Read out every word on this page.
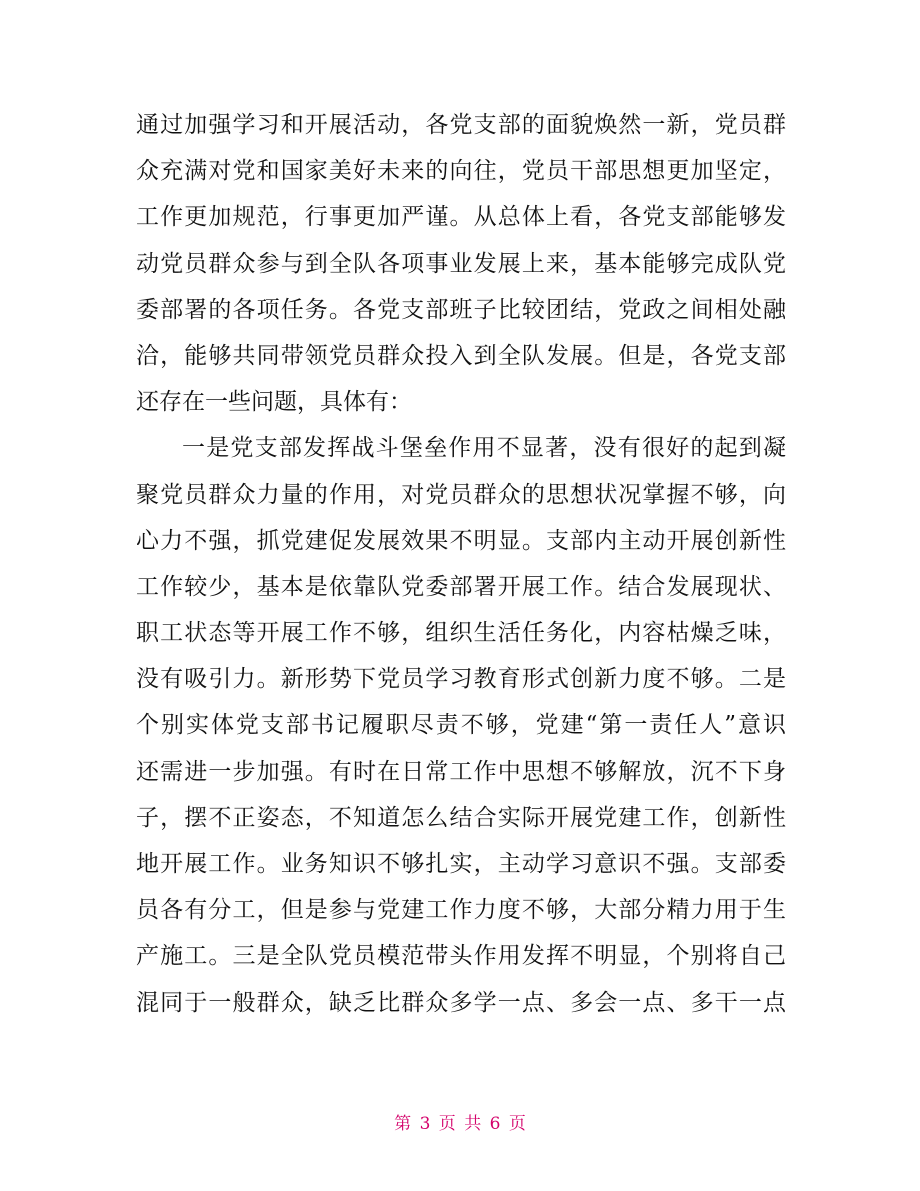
通过加强学习和开展活动，各党支部的面貌焕然一新，党员群
众充满对党和国家美好未来的向往，党员干部思想更加坚定，
工作更加规范，行事更加严谨。从总体上看，各党支部能够发
动党员群众参与到全队各项事业发展上来，基本能够完成队党
委部署的各项任务。各党支部班子比较团结，党政之间相处融
洽，能够共同带领党员群众投入到全队发展。但是，各党支部
还存在一些问题，具体有：
一是党支部发挥战斗堡垒作用不显著，没有很好的起到凝
聚党员群众力量的作用，对党员群众的思想状况掌握不够，向
心力不强，抓党建促发展效果不明显。支部内主动开展创新性
工作较少，基本是依靠队党委部署开展工作。结合发展现状、
职工状态等开展工作不够，组织生活任务化，内容枯燥乏味，
没有吸引力。新形势下党员学习教育形式创新力度不够。二是
个别实体党支部书记履职尽责不够，党建“第一责任人”意识
还需进一步加强。有时在日常工作中思想不够解放，沉不下身
子，摆不正姿态，不知道怎么结合实际开展党建工作，创新性
地开展工作。业务知识不够扎实，主动学习意识不强。支部委
员各有分工，但是参与党建工作力度不够，大部分精力用于生
产施工。三是全队党员模范带头作用发挥不明显，个别将自己
混同于一般群众，缺乏比群众多学一点、多会一点、多干一点
第 3 页 共 6 页
